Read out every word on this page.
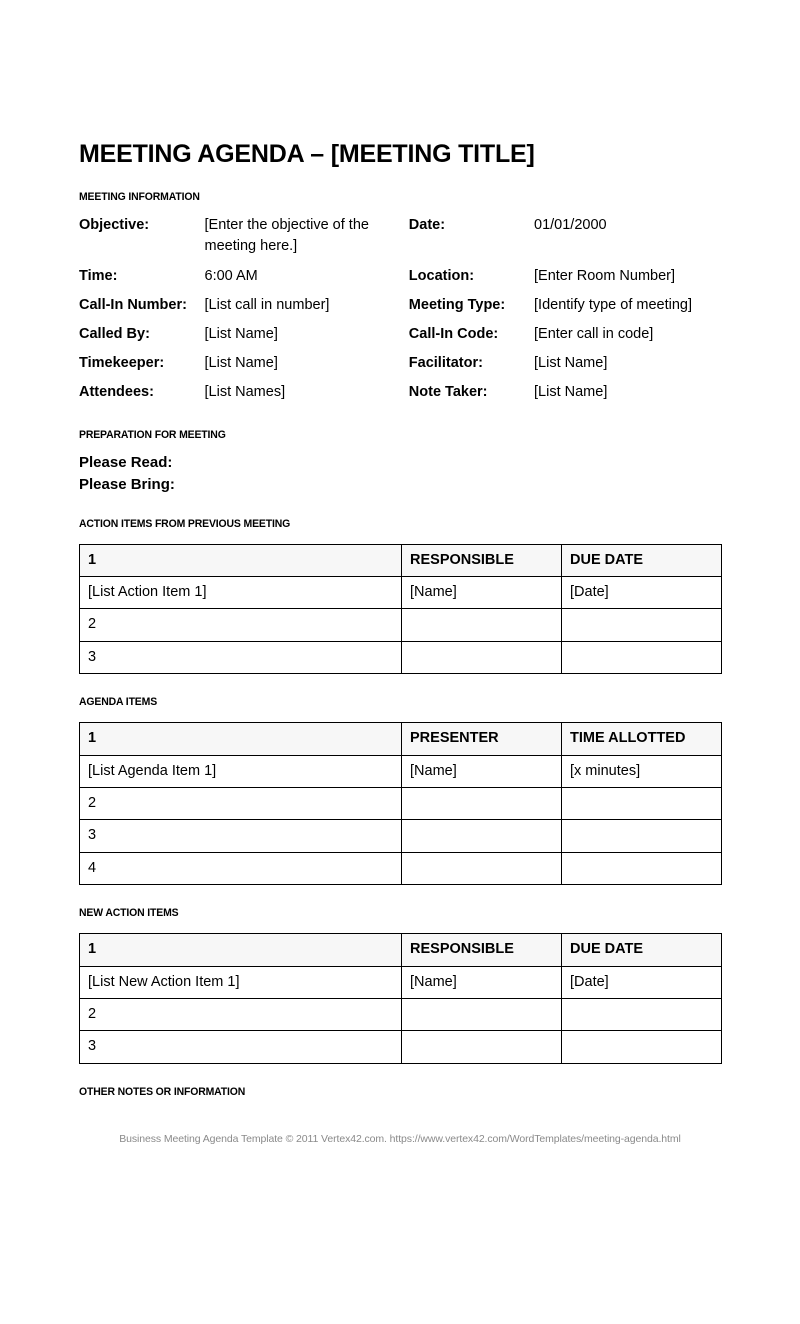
MEETING AGENDA – [MEETING TITLE]
MEETING INFORMATION
Objective:	[Enter the objective of the meeting here.]	Date:	01/01/2000
Time:	6:00 AM	Location:	[Enter Room Number]
Call-In Number:	[List call in number]	Meeting Type:	[Identify type of meeting]
Called By:	[List Name]	Call-In Code:	[Enter call in code]
Timekeeper:	[List Name]	Facilitator:	[List Name]
Attendees:	[List Names]	Note Taker:	[List Name]
PREPARATION FOR MEETING
Please Read:
Please Bring:
ACTION ITEMS FROM PREVIOUS MEETING
1	RESPONSIBLE	DUE DATE
[List Action Item 1]	[Name]	[Date]
2		
3		
AGENDA ITEMS
1	PRESENTER	TIME ALLOTTED
[List Agenda Item 1]	[Name]	[x minutes]
2		
3		
4		
NEW ACTION ITEMS
1	RESPONSIBLE	DUE DATE
[List New Action Item 1]	[Name]	[Date]
2		
3		
OTHER NOTES OR INFORMATION
Business Meeting Agenda Template © 2011 Vertex42.com. https://www.vertex42.com/WordTemplates/meeting-agenda.html
